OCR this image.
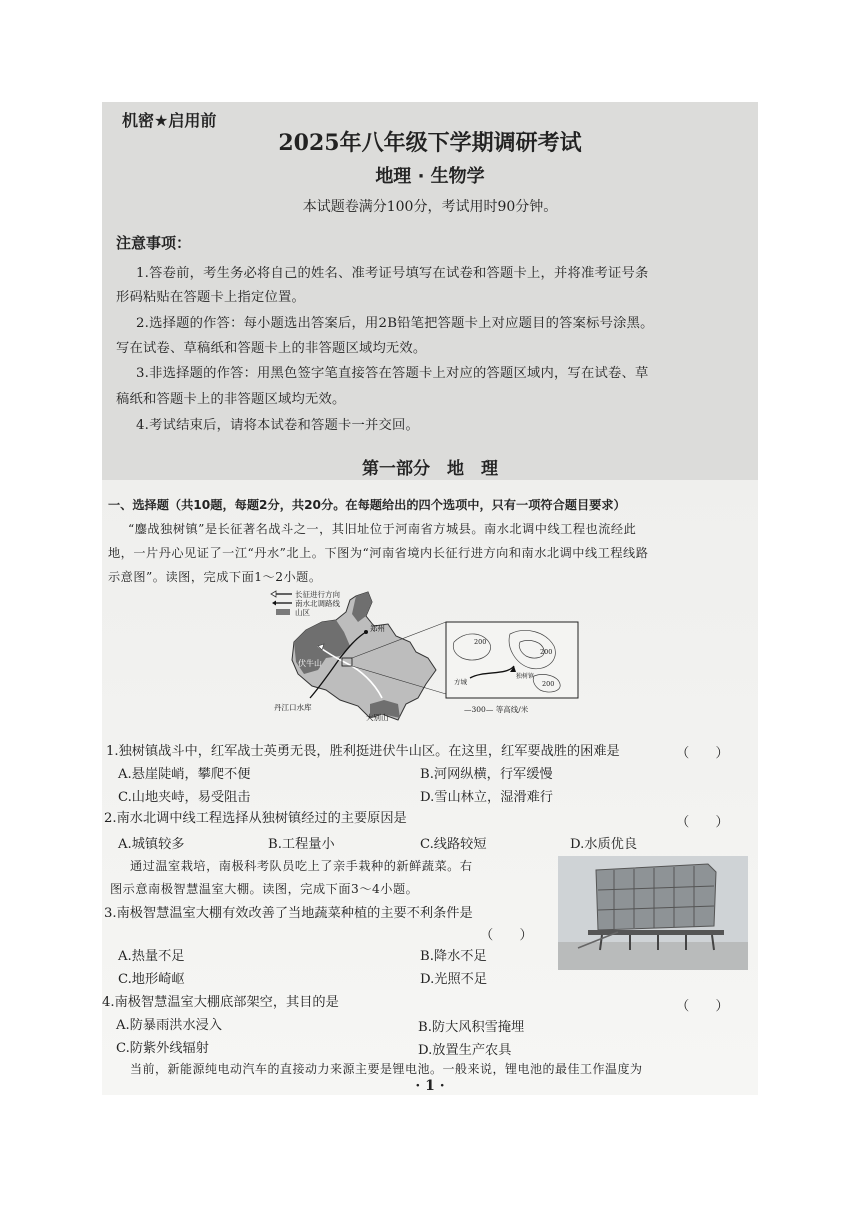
机密★启用前
2025年八年级下学期调研考试
地理 · 生物学
本试题卷满分100分，考试用时90分钟。
注意事项：
1.答卷前，考生务必将自己的姓名、准考证号填写在试卷和答题卡上，并将准考证号条
形码粘贴在答题卡上指定位置。
2.选择题的作答：每小题选出答案后，用2B铅笔把答题卡上对应题目的答案标号涂黑。
写在试卷、草稿纸和答题卡上的非答题区域均无效。
3.非选择题的作答：用黑色签字笔直接答在答题卡上对应的答题区域内，写在试卷、草
稿纸和答题卡上的非答题区域均无效。
4.考试结束后，请将本试卷和答题卡一并交回。
第一部分　地　理
一、选择题（共10题，每题2分，共20分。在每题给出的四个选项中，只有一项符合题目要求）
“鏖战独树镇”是长征著名战斗之一，其旧址位于河南省方城县。南水北调中线工程也流经此
地，一片丹心见证了一江“丹水”北上。下图为“河南省境内长征行进方向和南水北调中线工程线路
示意图”。读图，完成下面1～2小题。
长征进行方向
南水北调路线
山区
郑州
伏牛山
丹江口水库
大别山
200
200
200
方城
独树镇
—300— 等高线/米
1.独树镇战斗中，红军战士英勇无畏，胜利挺进伏牛山区。在这里，红军要战胜的困难是	（　　）
A.悬崖陡峭，攀爬不便	B.河网纵横，行军缓慢
C.山地夹峙，易受阻击	D.雪山林立，湿滑难行
2.南水北调中线工程选择从独树镇经过的主要原因是	（　　）
A.城镇较多	B.工程量小	C.线路较短	D.水质优良
通过温室栽培，南极科考队员吃上了亲手栽种的新鲜蔬菜。右
图示意南极智慧温室大棚。读图，完成下面3～4小题。
3.南极智慧温室大棚有效改善了当地蔬菜种植的主要不利条件是
（　　）
A.热量不足	B.降水不足
C.地形崎岖	D.光照不足
4.南极智慧温室大棚底部架空，其目的是	（　　）
A.防暴雨洪水浸入	B.防大风积雪掩埋
C.防紫外线辐射	D.放置生产农具
当前，新能源纯电动汽车的直接动力来源主要是锂电池。一般来说，锂电池的最佳工作温度为
· 1 ·
